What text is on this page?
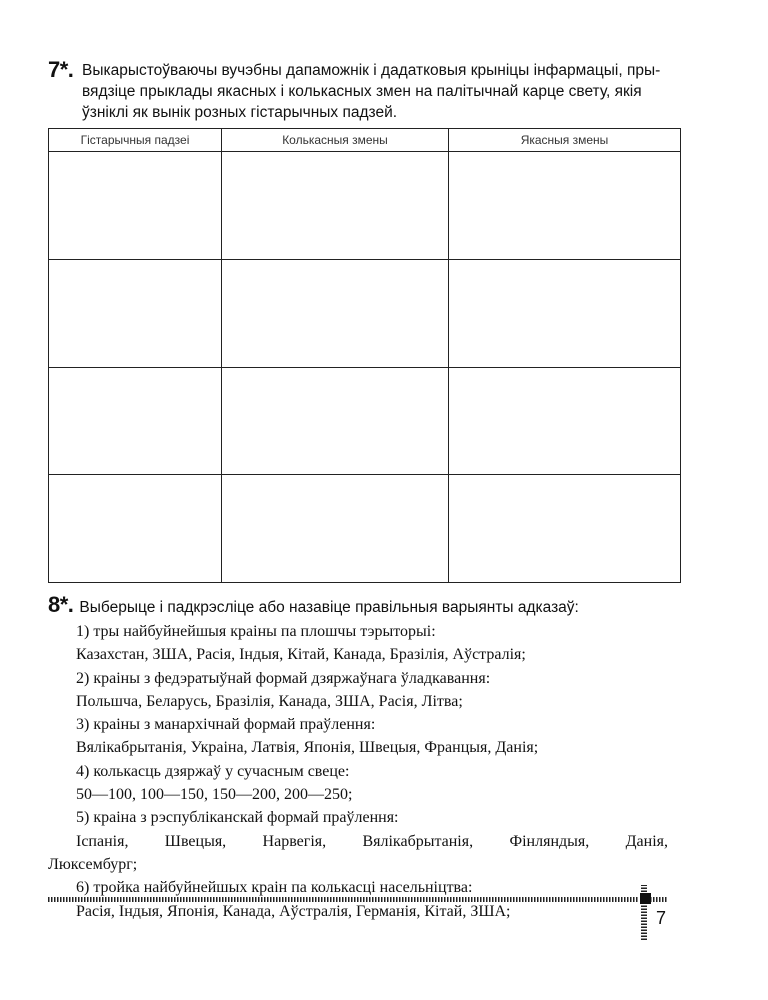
7*. Выкарыстоўваючы вучэбны дапаможнік і дадатковыя крыніцы інфармацыі, пры-
вядзіце прыклады якасных і колькасных змен на палітычнай карце свету, якія
ўзніклі як вынік розных гістарычных падзей.
Гістарычныя падзеі	Колькасныя змены	Якасныя змены

8*. Выберыце і падкрэсліце або назавіце правільныя варыянты адказаў:
1) тры найбуйнейшыя краіны па плошчы тэрыторыі:
Казахстан, ЗША, Расія, Індыя, Кітай, Канада, Бразілія, Аўстралія;
2) краіны з федэратыўнай формай дзяржаўнага ўладкавання:
Польшча, Беларусь, Бразілія, Канада, ЗША, Расія, Літва;
3) краіны з манархічнай формай праўлення:
Вялікабрытанія, Украіна, Латвія, Японія, Швецыя, Францыя, Данія;
4) колькасць дзяржаў у сучасным свеце:
50—100, 100—150, 150—200, 200—250;
5) краіна з рэспубліканскай формай праўлення:
Іспанія, Швецыя, Нарвегія, Вялікабрытанія, Фінляндыя, Данія,
Люксембург;
6) тройка найбуйнейшых краін па колькасці насельніцтва:
Расія, Індыя, Японія, Канада, Аўстралія, Германія, Кітай, ЗША;	7
